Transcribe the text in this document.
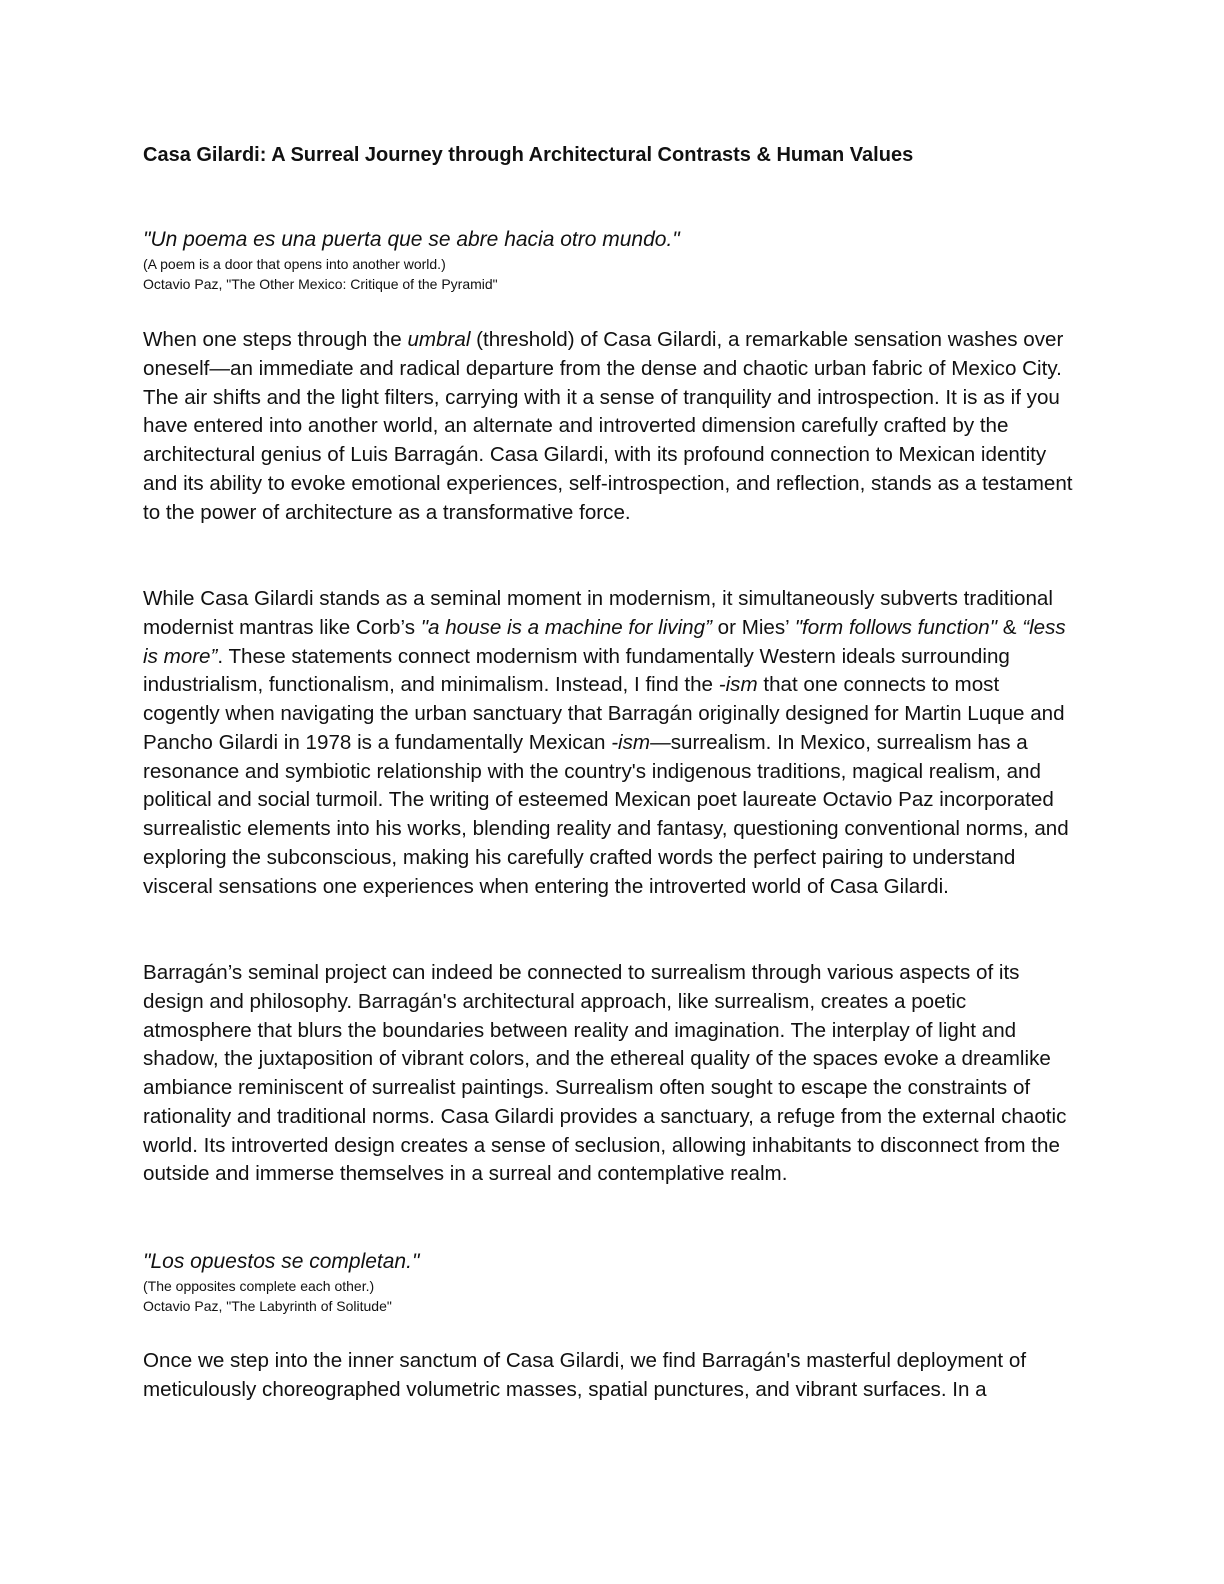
Casa Gilardi: A Surreal Journey through Architectural Contrasts & Human Values

"Un poema es una puerta que se abre hacia otro mundo."

(A poem is a door that opens into another world.)

Octavio Paz, "The Other Mexico: Critique of the Pyramid"

When one steps through the umbral (threshold) of Casa Gilardi, a remarkable sensation washes over oneself—an immediate and radical departure from the dense and chaotic urban fabric of Mexico City. The air shifts and the light filters, carrying with it a sense of tranquility and introspection. It is as if you have entered into another world, an alternate and introverted dimension carefully crafted by the architectural genius of Luis Barragán. Casa Gilardi, with its profound connection to Mexican identity and its ability to evoke emotional experiences, self-introspection, and reflection, stands as a testament to the power of architecture as a transformative force.

While Casa Gilardi stands as a seminal moment in modernism, it simultaneously subverts traditional modernist mantras like Corb’s "a house is a machine for living” or Mies’ "form follows function" & “less is more”. These statements connect modernism with fundamentally Western ideals surrounding industrialism, functionalism, and minimalism. Instead, I find the -ism that one connects to most cogently when navigating the urban sanctuary that Barragán originally designed for Martin Luque and Pancho Gilardi in 1978 is a fundamentally Mexican -ism—surrealism. In Mexico, surrealism has a resonance and symbiotic relationship with the country's indigenous traditions, magical realism, and political and social turmoil. The writing of esteemed Mexican poet laureate Octavio Paz incorporated surrealistic elements into his works, blending reality and fantasy, questioning conventional norms, and exploring the subconscious, making his carefully crafted words the perfect pairing to understand visceral sensations one experiences when entering the introverted world of Casa Gilardi.

Barragán’s seminal project can indeed be connected to surrealism through various aspects of its design and philosophy. Barragán's architectural approach, like surrealism, creates a poetic atmosphere that blurs the boundaries between reality and imagination. The interplay of light and shadow, the juxtaposition of vibrant colors, and the ethereal quality of the spaces evoke a dreamlike ambiance reminiscent of surrealist paintings. Surrealism often sought to escape the constraints of rationality and traditional norms. Casa Gilardi provides a sanctuary, a refuge from the external chaotic world. Its introverted design creates a sense of seclusion, allowing inhabitants to disconnect from the outside and immerse themselves in a surreal and contemplative realm.

"Los opuestos se completan."

(The opposites complete each other.)

Octavio Paz, "The Labyrinth of Solitude"

Once we step into the inner sanctum of Casa Gilardi, we find Barragán's masterful deployment of meticulously choreographed volumetric masses, spatial punctures, and vibrant surfaces. In a
